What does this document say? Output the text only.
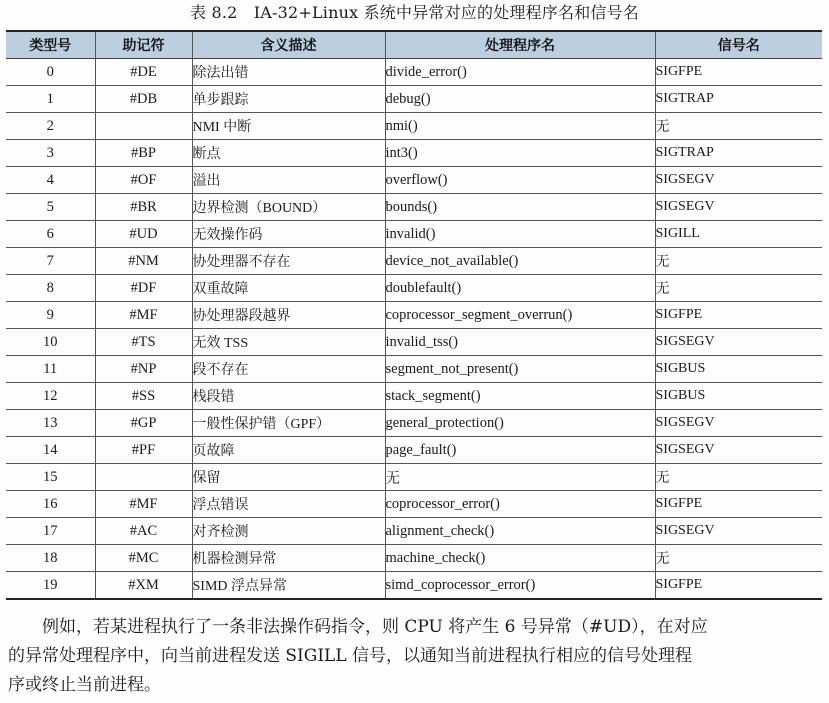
表 8.2　IA-32+Linux 系统中异常对应的处理程序名和信号名
类型号	助记符	含义描述	处理程序名	信号名
0	#DE	除法出错	divide_error()	SIGFPE
1	#DB	单步跟踪	debug()	SIGTRAP
2		NMI 中断	nmi()	无
3	#BP	断点	int3()	SIGTRAP
4	#OF	溢出	overflow()	SIGSEGV
5	#BR	边界检测（BOUND）	bounds()	SIGSEGV
6	#UD	无效操作码	invalid()	SIGILL
7	#NM	协处理器不存在	device_not_available()	无
8	#DF	双重故障	doublefault()	无
9	#MF	协处理器段越界	coprocessor_segment_overrun()	SIGFPE
10	#TS	无效 TSS	invalid_tss()	SIGSEGV
11	#NP	段不存在	segment_not_present()	SIGBUS
12	#SS	栈段错	stack_segment()	SIGBUS
13	#GP	一般性保护错（GPF）	general_protection()	SIGSEGV
14	#PF	页故障	page_fault()	SIGSEGV
15		保留	无	无
16	#MF	浮点错误	coprocessor_error()	SIGFPE
17	#AC	对齐检测	alignment_check()	SIGSEGV
18	#MC	机器检测异常	machine_check()	无
19	#XM	SIMD 浮点异常	simd_coprocessor_error()	SIGFPE

例如，若某进程执行了一条非法操作码指令，则 CPU 将产生 6 号异常（#UD），在对应
的异常处理程序中，向当前进程发送 SIGILL 信号，以通知当前进程执行相应的信号处理程
序或终止当前进程。
